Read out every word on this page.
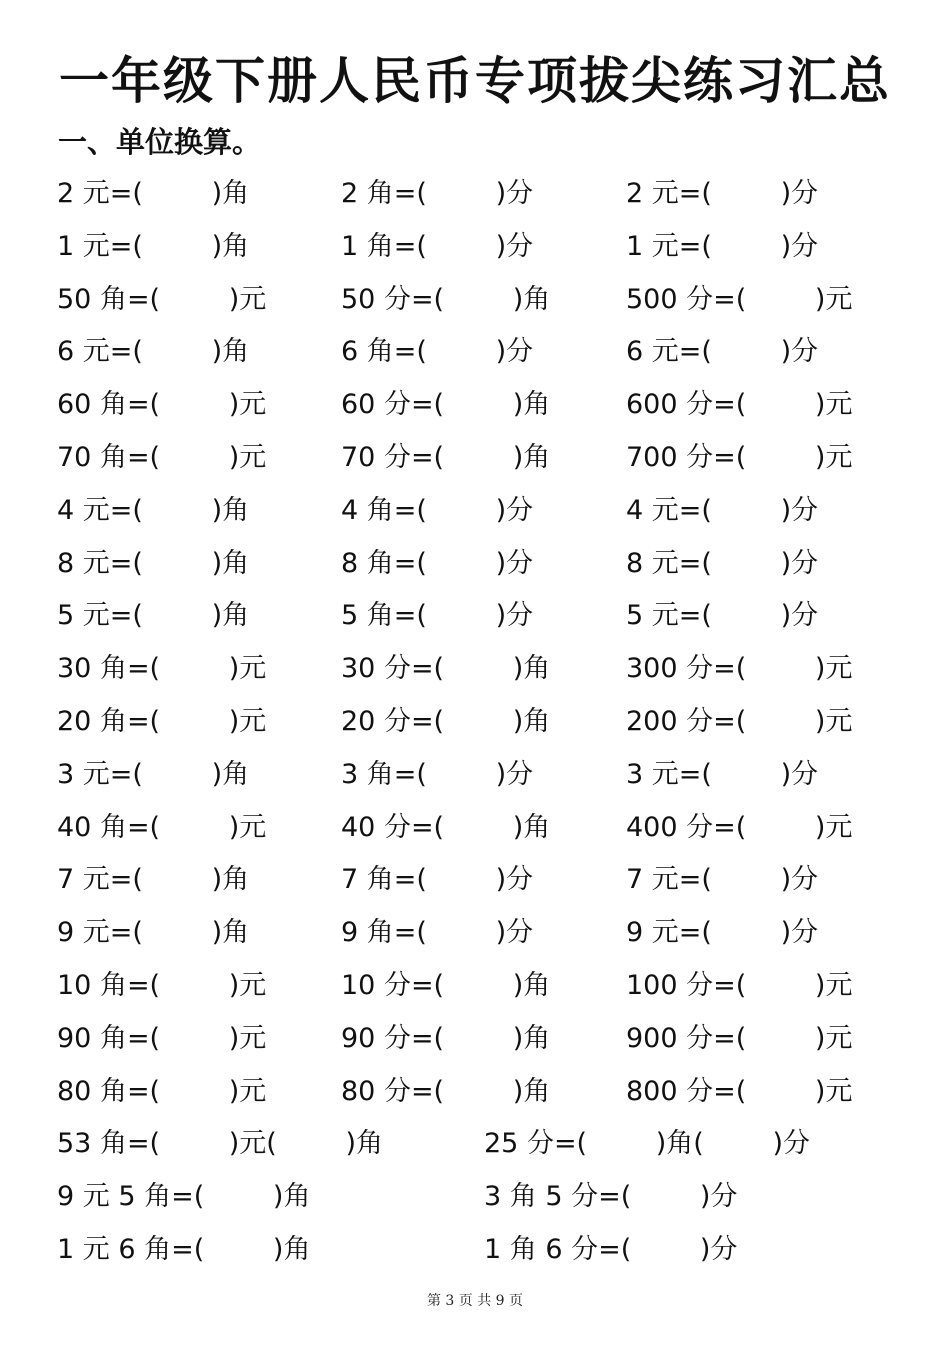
一年级下册人民币专项拔尖练习汇总
一、单位换算。
2 元=(        )角	2 角=(        )分	2 元=(        )分
1 元=(        )角	1 角=(        )分	1 元=(        )分
50 角=(        )元	50 分=(        )角	500 分=(        )元
6 元=(        )角	6 角=(        )分	6 元=(        )分
60 角=(        )元	60 分=(        )角	600 分=(        )元
70 角=(        )元	70 分=(        )角	700 分=(        )元
4 元=(        )角	4 角=(        )分	4 元=(        )分
8 元=(        )角	8 角=(        )分	8 元=(        )分
5 元=(        )角	5 角=(        )分	5 元=(        )分
30 角=(        )元	30 分=(        )角	300 分=(        )元
20 角=(        )元	20 分=(        )角	200 分=(        )元
3 元=(        )角	3 角=(        )分	3 元=(        )分
40 角=(        )元	40 分=(        )角	400 分=(        )元
7 元=(        )角	7 角=(        )分	7 元=(        )分
9 元=(        )角	9 角=(        )分	9 元=(        )分
10 角=(        )元	10 分=(        )角	100 分=(        )元
90 角=(        )元	90 分=(        )角	900 分=(        )元
80 角=(        )元	80 分=(        )角	800 分=(        )元
53 角=(        )元(        )角	25 分=(        )角(        )分
9 元 5 角=(        )角	3 角 5 分=(        )分
1 元 6 角=(        )角	1 角 6 分=(        )分
第 3 页 共 9 页
